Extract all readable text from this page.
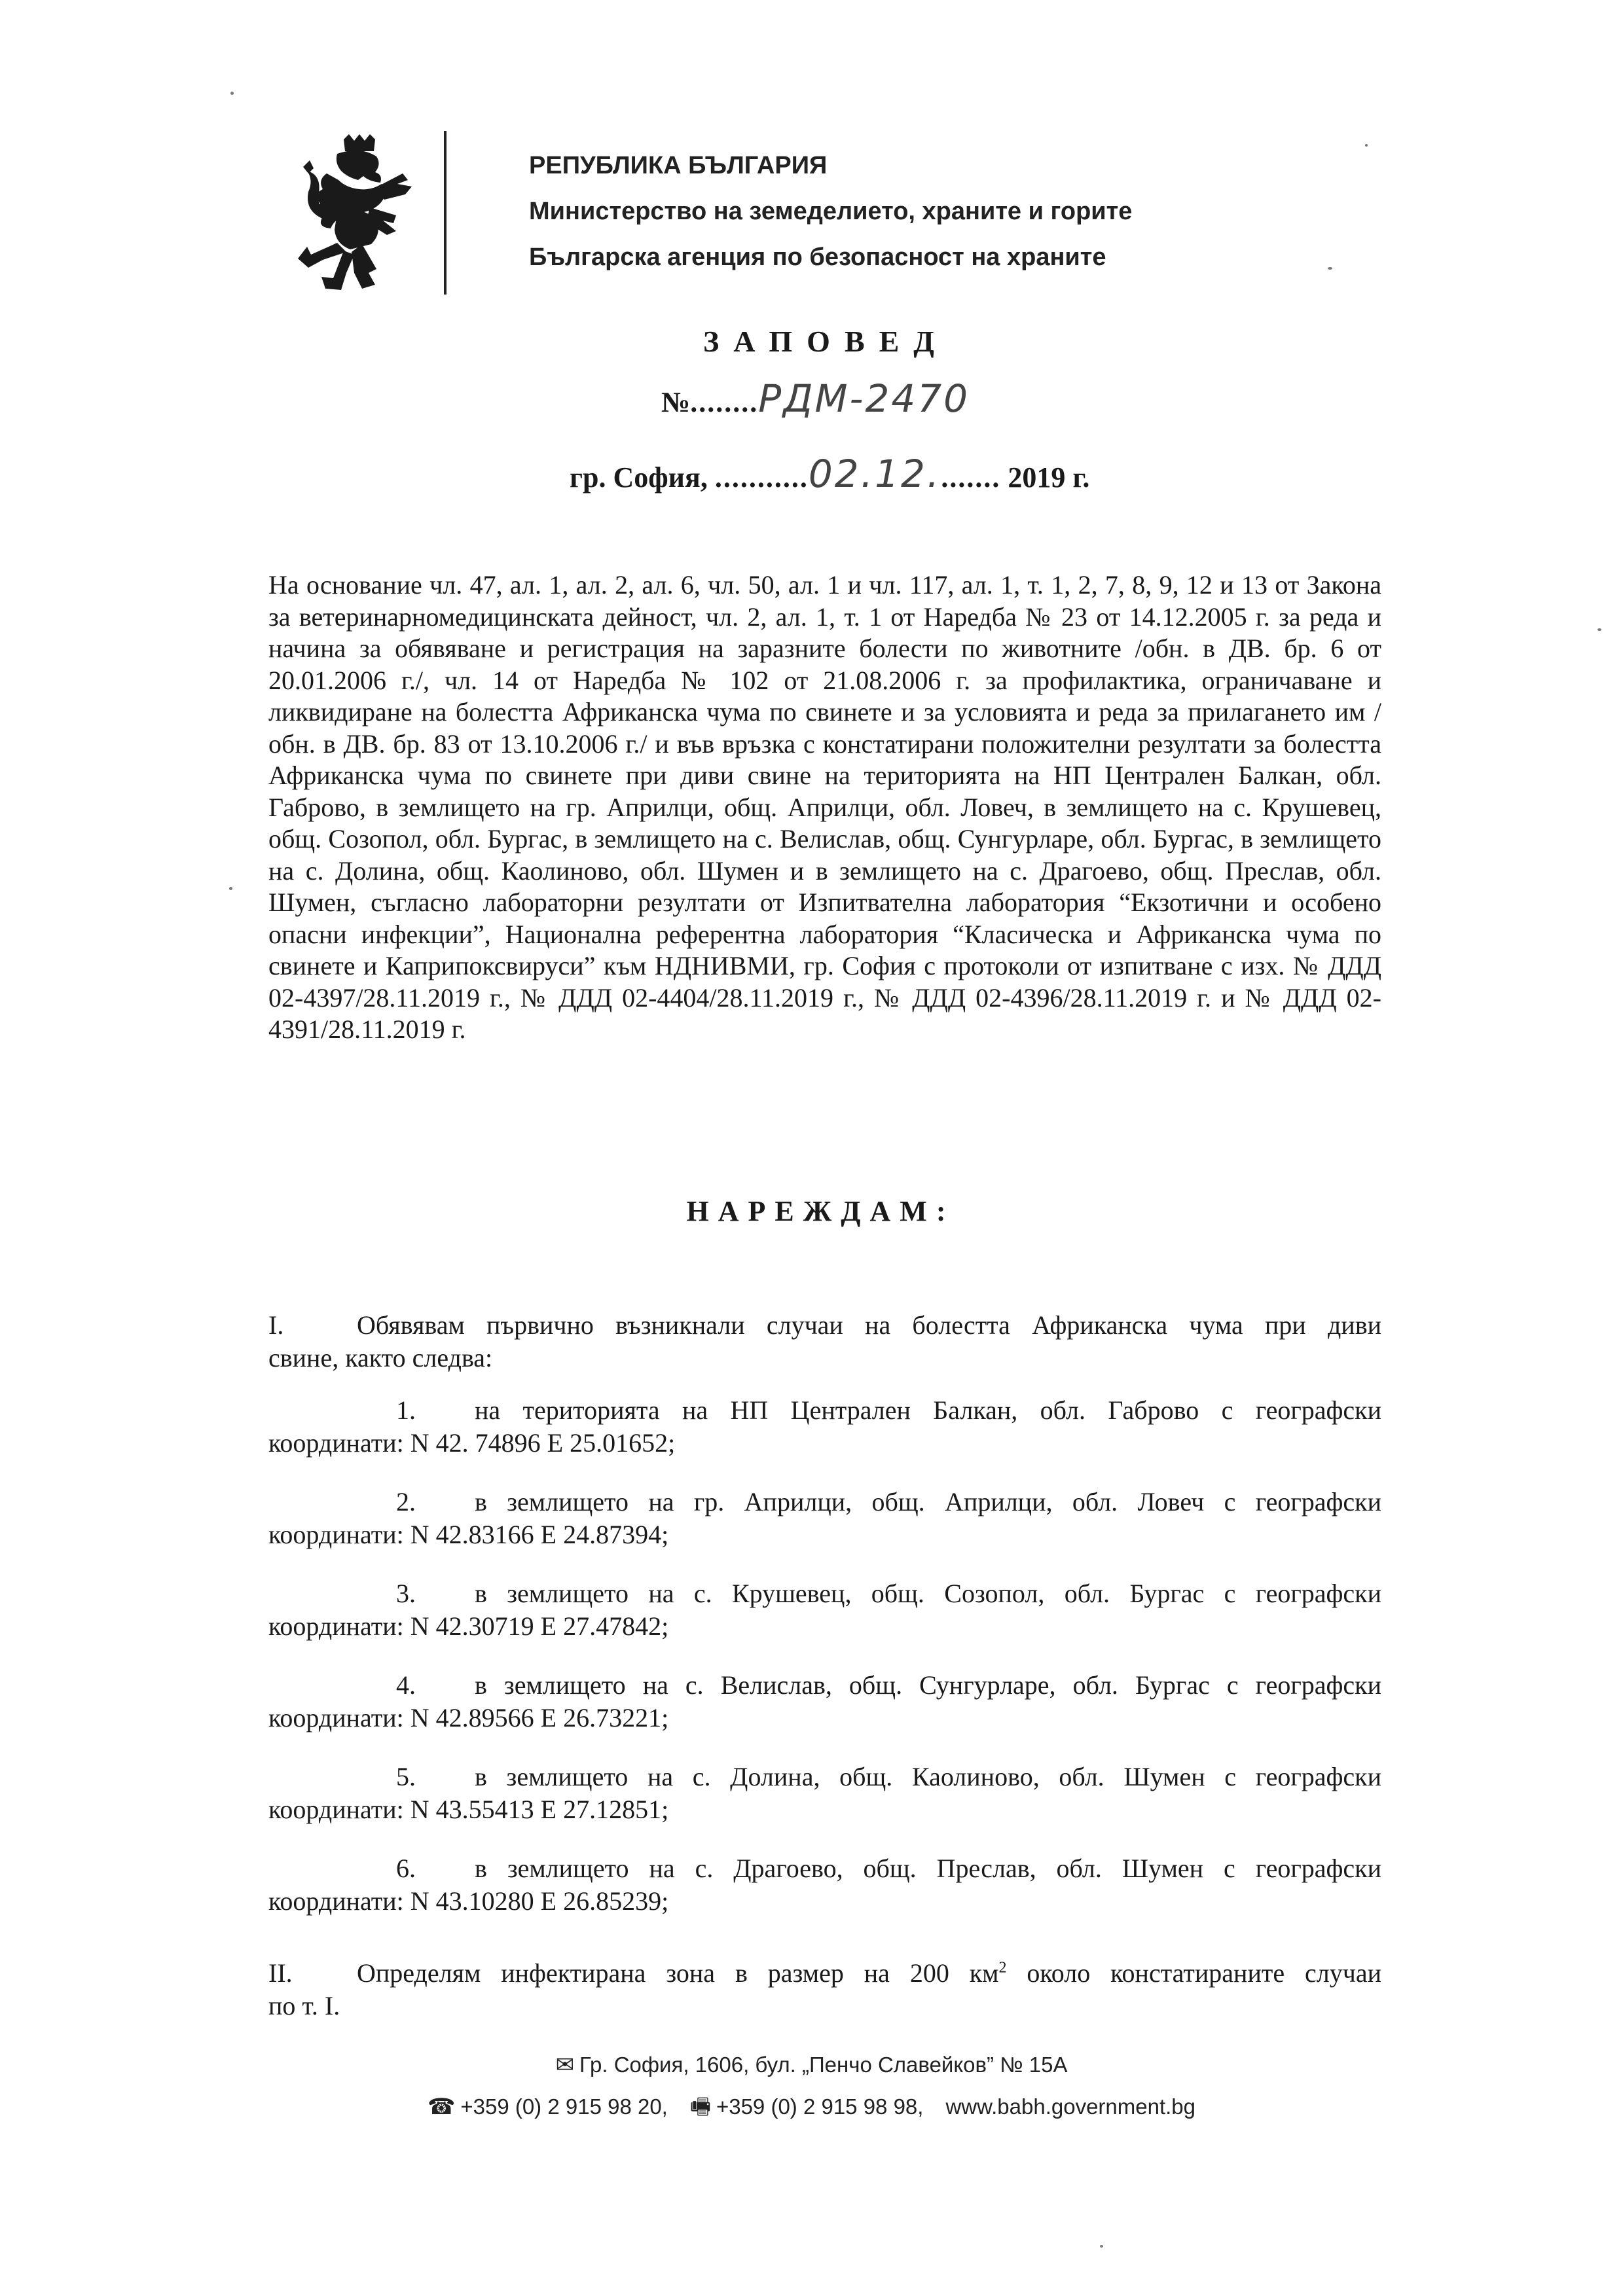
РЕПУБЛИКА БЪЛГАРИЯ
Министерство на земеделието, храните и горите
Българска агенция по безопасност на храните
ЗАПОВЕД
№........РДМ-2470
гр. София, ...........02.12........ 2019 г.
На основание чл. 47, ал. 1, ал. 2, ал. 6, чл. 50, ал. 1 и чл. 117, ал. 1, т. 1, 2, 7, 8, 9, 12 и 13 от Закона за ветеринарномедицинската дейност, чл. 2, ал. 1, т. 1 от Наредба № 23 от 14.12.2005 г. за реда и начина за обявяване и регистрация на заразните болести по животните /обн. в ДВ. бр. 6 от 20.01.2006 г./, чл. 14 от Наредба № 102 от 21.08.2006 г. за профилактика, ограничаване и ликвидиране на болестта Африканска чума по свинете и за условията и реда за прилагането им /обн. в ДВ. бр. 83 от 13.10.2006 г./ и във връзка с констатирани положителни резултати за болестта Африканска чума по свинете при диви свине на територията на НП Централен Балкан, обл. Габрово, в землището на гр. Априлци, общ. Априлци, обл. Ловеч, в землището на с. Крушевец, общ. Созопол, обл. Бургас, в землището на с. Велислав, общ. Сунгурларе, обл. Бургас, в землището на с. Долина, общ. Каолиново, обл. Шумен и в землището на с. Драгоево, общ. Преслав, обл. Шумен, съгласно лабораторни резултати от Изпитвателна лаборатория “Екзотични и особено опасни инфекции”, Национална референтна лаборатория “Класическа и Африканска чума по свинете и Каприпоксвируси” към НДНИВМИ, гр. София с протоколи от изпитване с изх. № ДДД 02-4397/28.11.2019 г., № ДДД 02-4404/28.11.2019 г., № ДДД 02-4396/28.11.2019 г. и № ДДД 02-4391/28.11.2019 г.
НАРЕЖДАМ:
I.	Обявявам първично възникнали случаи на болестта Африканска чума при диви
свине, както следва:
1.	на територията на НП Централен Балкан, обл. Габрово с географски
координати: N 42. 74896 E 25.01652;
2.	в землището на гр. Априлци, общ. Априлци, обл. Ловеч с географски
координати: N 42.83166 E 24.87394;
3.	в землището на с. Крушевец, общ. Созопол, обл. Бургас с географски
координати: N 42.30719 E 27.47842;
4.	в землището на с. Велислав, общ. Сунгурларе, обл. Бургас с географски
координати: N 42.89566 E 26.73221;
5.	в землището на с. Долина, общ. Каолиново, обл. Шумен с географски
координати: N 43.55413 E 27.12851;
6.	в землището на с. Драгоево, общ. Преслав, обл. Шумен с географски
координати: N 43.10280 E 26.85239;
II.	Определям инфектирана зона в размер на 200 $км^2$ около констатираните случаи
по т. I.
✉ Гр. София, 1606, бул. „Пенчо Славейков” № 15А
☎ +359 (0) 2 915 98 20, 🖷 +359 (0) 2 915 98 98, www.babh.government.bg
